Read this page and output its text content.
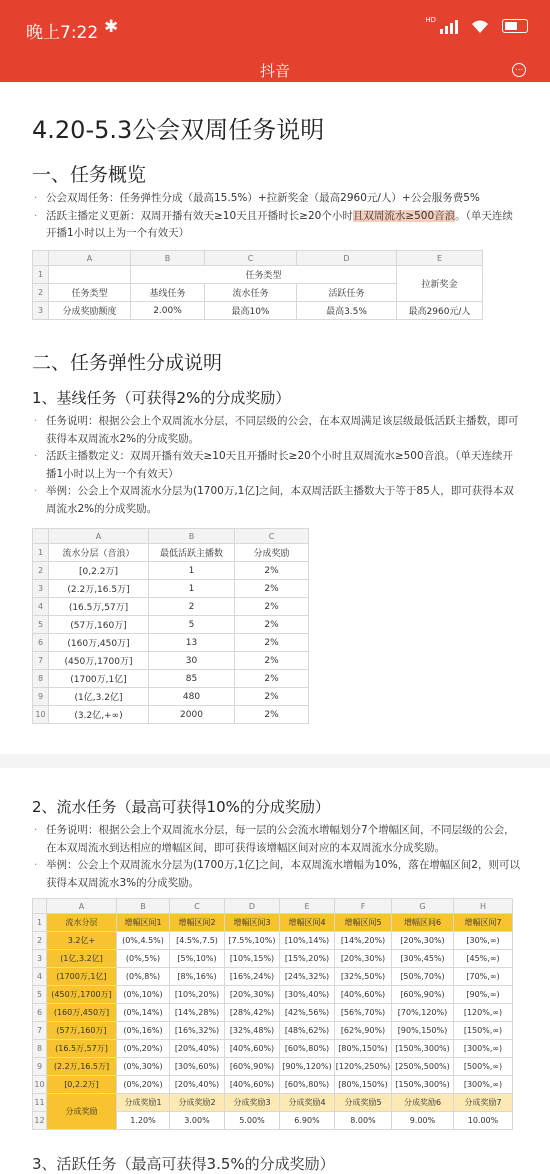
晚上7:22 ✱	HD
抖音	⋯
4.20-5.3公会双周任务说明
一、任务概览
· 公会双周任务：任务弹性分成（最高15.5%）+拉新奖金（最高2960元/人）+公会服务费5%
· 活跃主播定义更新：双周开播有效天≥10天且开播时长≥20个小时且双周流水≥500音浪。（单天连续开播1小时以上为一个有效天）
	A	B	C	D	E
1		任务类型			拉新奖金
2	任务类型	基线任务	流水任务	活跃任务	
3	分成奖励额度	2.00%	最高10%	最高3.5%	最高2960元/人
二、任务弹性分成说明
1、基线任务（可获得2%的分成奖励）
· 任务说明：根据公会上个双周流水分层，不同层级的公会，在本双周满足该层级最低活跃主播数，即可获得本双周流水2%的分成奖励。
· 活跃主播数定义：双周开播有效天≥10天且开播时长≥20个小时且双周流水≥500音浪。（单天连续开播1小时以上为一个有效天）
· 举例：公会上个双周流水分层为(1700万,1亿]之间，本双周活跃主播数大于等于85人，即可获得本双周流水2%的分成奖励。
	A	B	C
1	流水分层（音浪）	最低活跃主播数	分成奖励
2	[0,2.2万]	1	2%
3	(2.2万,16.5万]	1	2%
4	(16.5万,57万]	2	2%
5	(57万,160万]	5	2%
6	(160万,450万]	13	2%
7	(450万,1700万]	30	2%
8	(1700万,1亿]	85	2%
9	(1亿,3.2亿]	480	2%
10	(3.2亿,+∞)	2000	2%
2、流水任务（最高可获得10%的分成奖励）
· 任务说明：根据公会上个双周流水分层，每一层的公会流水增幅划分7个增幅区间，不同层级的公会，在本双周流水到达相应的增幅区间，即可获得该增幅区间对应的本双周流水分成奖励。
· 举例：公会上个双周流水分层为(1700万,1亿]之间，本双周流水增幅为10%，落在增幅区间2，则可以获得本双周流水3%的分成奖励。
	A	B	C	D	E	F	G	H
1	流水分层	增幅区间1	增幅区间2	增幅区间3	增幅区间4	增幅区间5	增幅区间6	增幅区间7
2	3.2亿+	(0%,4.5%)	[4.5%,7.5)	[7.5%,10%)	[10%,14%)	[14%,20%)	[20%,30%)	[30%,∞)
3	(1亿,3.2亿]	(0%,5%)	[5%,10%)	[10%,15%)	[15%,20%)	[20%,30%)	[30%,45%)	[45%,∞)
4	(1700万,1亿]	(0%,8%)	[8%,16%)	[16%,24%)	[24%,32%)	[32%,50%)	[50%,70%)	[70%,∞)
5	(450万,1700万]	(0%,10%)	[10%,20%)	[20%,30%)	[30%,40%)	[40%,60%)	[60%,90%)	[90%,∞)
6	(160万,450万]	(0%,14%)	[14%,28%)	[28%,42%)	[42%,56%)	[56%,70%)	[70%,120%)	[120%,∞)
7	(57万,160万]	(0%,16%)	[16%,32%)	[32%,48%)	[48%,62%)	[62%,90%)	[90%,150%)	[150%,∞)
8	(16.5万,57万]	(0%,20%)	[20%,40%)	[40%,60%)	[60%,80%)	[80%,150%)	[150%,300%)	[300%,∞)
9	(2.2万,16.5万]	(0%,30%)	[30%,60%)	[60%,90%)	[90%,120%)	[120%,250%)	[250%,500%)	[500%,∞)
10	[0,2.2万]	(0%,20%)	[20%,40%)	[40%,60%)	[60%,80%)	[80%,150%)	[150%,300%)	[300%,∞)
11	分成奖励	分成奖励1	分成奖励2	分成奖励3	分成奖励4	分成奖励5	分成奖励6	分成奖励7
12		1.20%	3.00%	5.00%	6.90%	8.00%	9.00%	10.00%
3、活跃任务（最高可获得3.5%的分成奖励）
